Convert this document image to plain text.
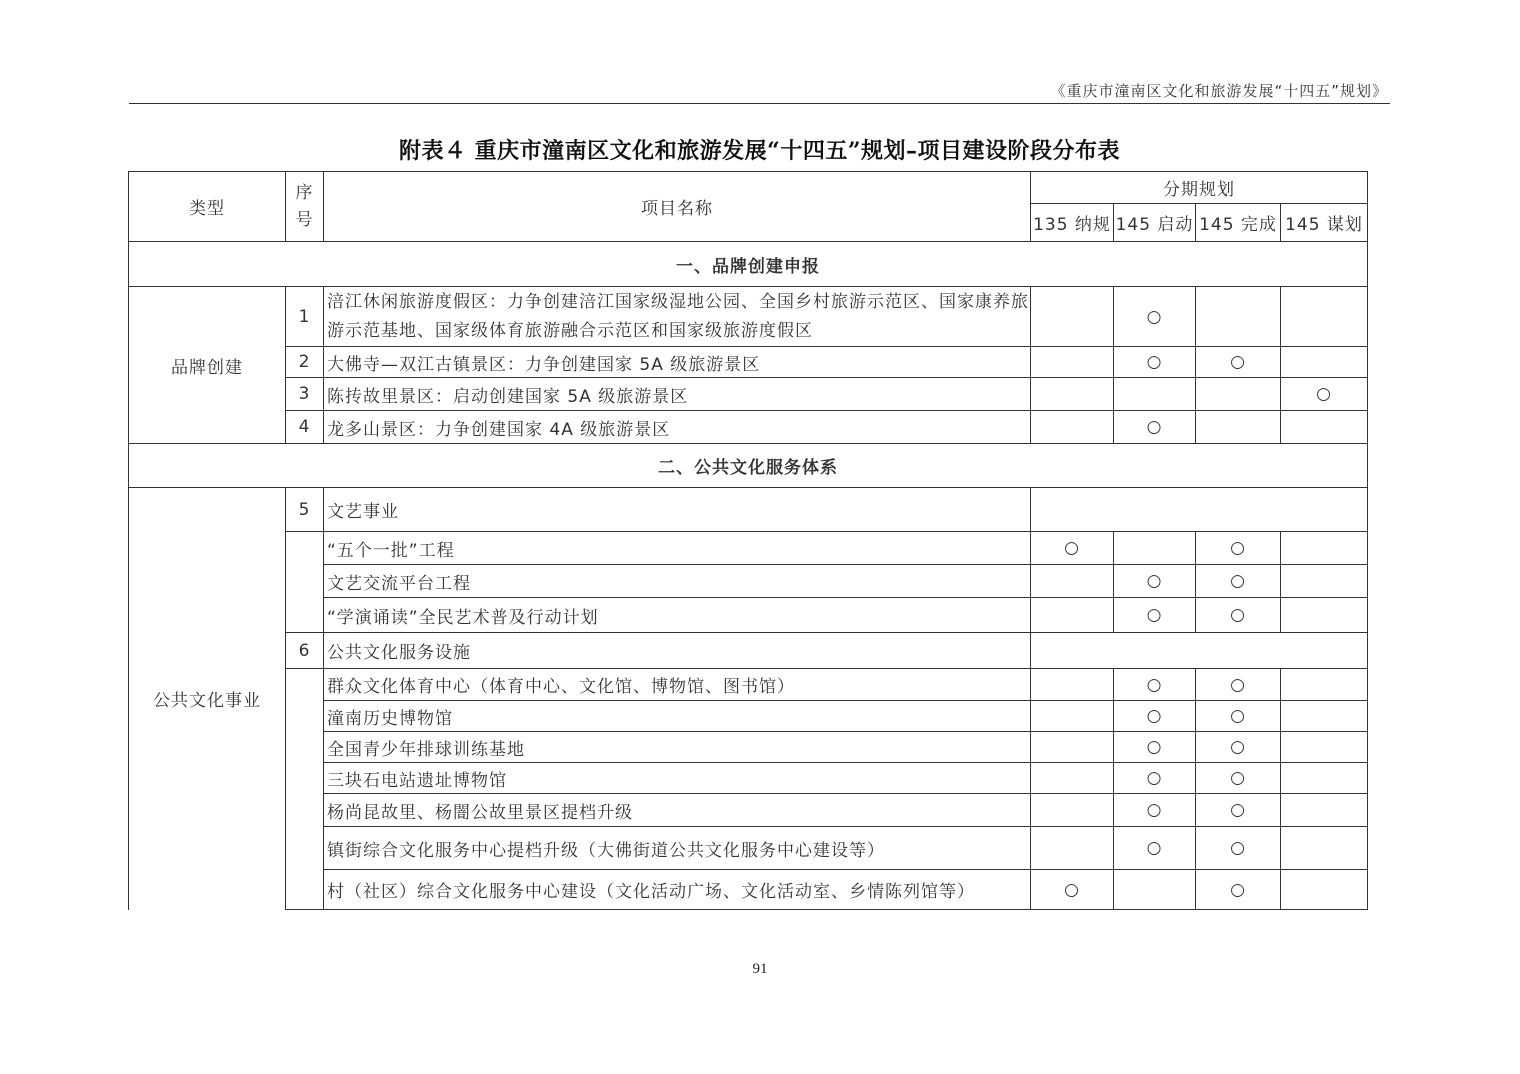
《重庆市潼南区文化和旅游发展“十四五”规划》
附表４ 重庆市潼南区文化和旅游发展“十四五”规划–项目建设阶段分布表
类型	序号	项目名称	分期规划			
			135 纳规	145 启动	145 完成	145 谋划
一、品牌创建申报						
品牌创建	1	涪江休闲旅游度假区：力争创建涪江国家级湿地公园、全国乡村旅游示范区、国家康养旅游示范基地、国家级体育旅游融合示范区和国家级旅游度假区		○		
	2	大佛寺—双江古镇景区：力争创建国家 5A 级旅游景区		○	○	
	3	陈抟故里景区：启动创建国家 5A 级旅游景区				○
	4	龙多山景区：力争创建国家 4A 级旅游景区		○		
二、公共文化服务体系						
公共文化事业	5	文艺事业				
		“五个一批”工程	○		○	
		文艺交流平台工程		○	○	
		“学演诵读”全民艺术普及行动计划		○	○	
	6	公共文化服务设施				
		群众文化体育中心（体育中心、文化馆、博物馆、图书馆）		○	○	
		潼南历史博物馆		○	○	
		全国青少年排球训练基地		○	○	
		三块石电站遗址博物馆		○	○	
		杨尚昆故里、杨闇公故里景区提档升级		○	○	
		镇街综合文化服务中心提档升级（大佛街道公共文化服务中心建设等）		○	○	
		村（社区）综合文化服务中心建设（文化活动广场、文化活动室、乡情陈列馆等）	○		○	
91
